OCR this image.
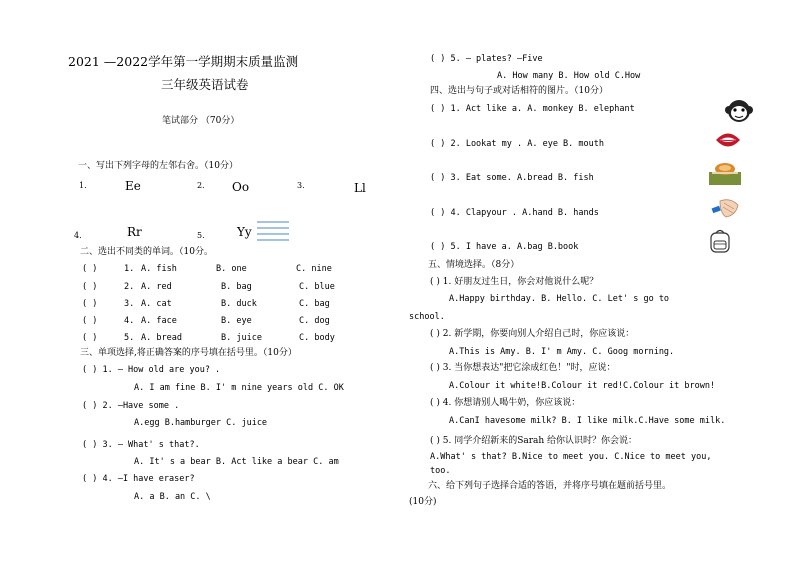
2021 —2022学年第一学期期末质量监测
三年级英语试卷
笔试部分 （70分）
一、写出下列字母的左邻右舍。（10分）
1.	Ee	2. Oo	3.	Ll
4.	Rr	5.	Yy
二、选出不同类的单词。（10分。
( )	1. A. fish	B. one	C. nine
( )	2. A. red	B. bag	C. blue
( )	3. A. cat	B. duck	C. bag
( )	4. A. face	B. eye	C. dog
( )	5. A. bread	B. juice	C. body
三、单项选择,将正确答案的序号填在括号里。（10分）
( ) 1. — How old are you? .
A. I am fine B. I' m nine years old C. OK
( ) 2. —Have some .
A.egg B.hamburger C. juice
( ) 3. — What' s that?.
A. It' s a bear B. Act like a bear C. am
( ) 4. —I have eraser?
A. a B. an C. \
( ) 5. — plates? —Five
A. How many B. How old C.How
四、选出与句子或对话相符的图片。（10分）
( ) 1. Act like a. A. monkey B. elephant
( ) 2. Lookat my . A. eye B. mouth
( ) 3. Eat some. A.bread B. fish
( ) 4. Clapyour . A.hand B. hands
( ) 5. I have a. A.bag B.book
五、情境选择。（8分）
( ) 1. 好朋友过生日，你会对他说什么呢？
A.Happy birthday. B. Hello. C. Let' s go to
school.
( ) 2. 新学期，你要向别人介绍自己时，你应该说：
A.This is Amy. B. I' m Amy. C. Goog morning.
( ) 3. 当你想表达"把它涂成红色！"时，应说：
A.Colour it white!B.Colour it red!C.Colour it brown!
( ) 4. 你想请别人喝牛奶，你应该说：
A.CanI havesome milk? B. I like milk.C.Have some milk.
( ) 5. 同学介绍新来的Sarah 给你认识时？你会说：
A.What' s that? B.Nice to meet you. C.Nice to meet you,
too.
六、给下列句子选择合适的答语，并将序号填在题前括号里。
(10分)
